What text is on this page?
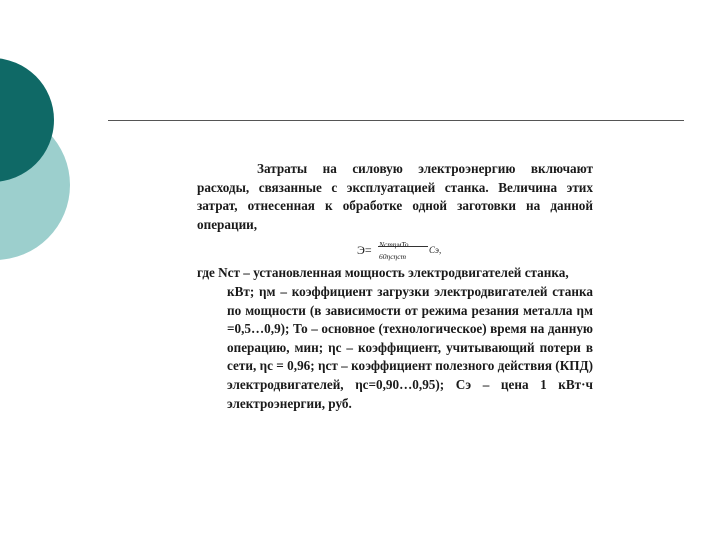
Затраты на силовую электроэнергию включают расходы, связанные с эксплуатацией станка. Величина этих затрат, отнесенная к обработке одной заготовки на данной операции,

Э= NстηмTo
60ηсηст
Cэ,

где Nст – установленная мощность электродвигателей станка,

кВт; ηм – коэффициент загрузки электродвигателей станка по мощности (в зависимости от режима резания металла ηм =0,5…0,9); То – основное (технологическое) время на данную операцию, мин; ηс – коэффициент, учитывающий потери в сети, ηс = 0,96; ηст – коэффициент полезного действия (КПД) электродвигателей, ηс=0,90…0,95); Сэ – цена 1 кВт·ч электроэнергии, руб.
